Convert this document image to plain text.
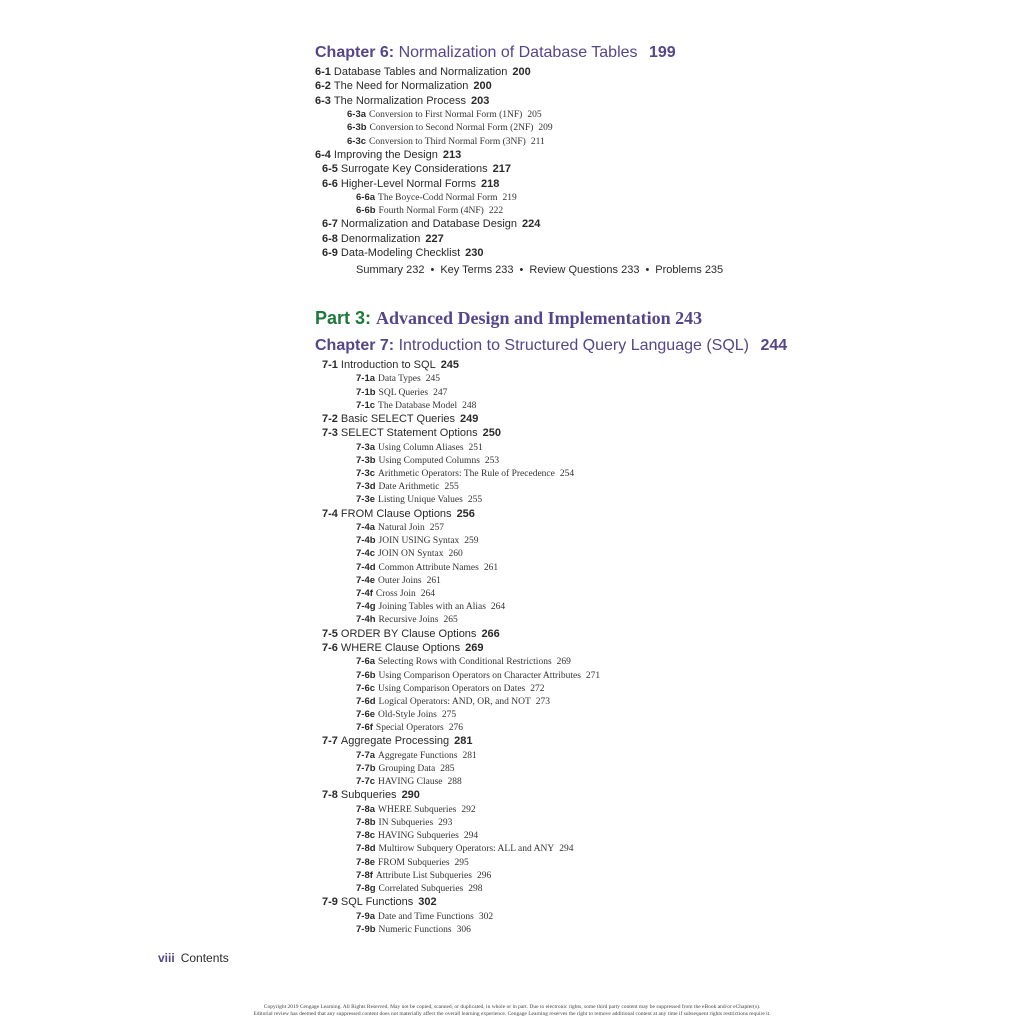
Chapter 6: Normalization of Database Tables 199
6-1 Database Tables and Normalization 200
6-2 The Need for Normalization 200
6-3 The Normalization Process 203
6-3a Conversion to First Normal Form (1NF) 205
6-3b Conversion to Second Normal Form (2NF) 209
6-3c Conversion to Third Normal Form (3NF) 211
6-4 Improving the Design 213
6-5 Surrogate Key Considerations 217
6-6 Higher-Level Normal Forms 218
6-6a The Boyce-Codd Normal Form 219
6-6b Fourth Normal Form (4NF) 222
6-7 Normalization and Database Design 224
6-8 Denormalization 227
6-9 Data-Modeling Checklist 230
Summary 232 • Key Terms 233 • Review Questions 233 • Problems 235
Part 3: Advanced Design and Implementation 243
Chapter 7: Introduction to Structured Query Language (SQL) 244
7-1 Introduction to SQL 245
7-1a Data Types 245
7-1b SQL Queries 247
7-1c The Database Model 248
7-2 Basic SELECT Queries 249
7-3 SELECT Statement Options 250
7-3a Using Column Aliases 251
7-3b Using Computed Columns 253
7-3c Arithmetic Operators: The Rule of Precedence 254
7-3d Date Arithmetic 255
7-3e Listing Unique Values 255
7-4 FROM Clause Options 256
7-4a Natural Join 257
7-4b JOIN USING Syntax 259
7-4c JOIN ON Syntax 260
7-4d Common Attribute Names 261
7-4e Outer Joins 261
7-4f Cross Join 264
7-4g Joining Tables with an Alias 264
7-4h Recursive Joins 265
7-5 ORDER BY Clause Options 266
7-6 WHERE Clause Options 269
7-6a Selecting Rows with Conditional Restrictions 269
7-6b Using Comparison Operators on Character Attributes 271
7-6c Using Comparison Operators on Dates 272
7-6d Logical Operators: AND, OR, and NOT 273
7-6e Old-Style Joins 275
7-6f Special Operators 276
7-7 Aggregate Processing 281
7-7a Aggregate Functions 281
7-7b Grouping Data 285
7-7c HAVING Clause 288
7-8 Subqueries 290
7-8a WHERE Subqueries 292
7-8b IN Subqueries 293
7-8c HAVING Subqueries 294
7-8d Multirow Subquery Operators: ALL and ANY 294
7-8e FROM Subqueries 295
7-8f Attribute List Subqueries 296
7-8g Correlated Subqueries 298
7-9 SQL Functions 302
7-9a Date and Time Functions 302
7-9b Numeric Functions 306
viii Contents
Copyright 2019 Cengage Learning. All Rights Reserved. May not be copied, scanned, or duplicated, in whole or in part. Due to electronic rights, some third party content may be suppressed from the eBook and/or eChapter(s).
Editorial review has deemed that any suppressed content does not materially affect the overall learning experience. Cengage Learning reserves the right to remove additional content at any time if subsequent rights restrictions require it.
